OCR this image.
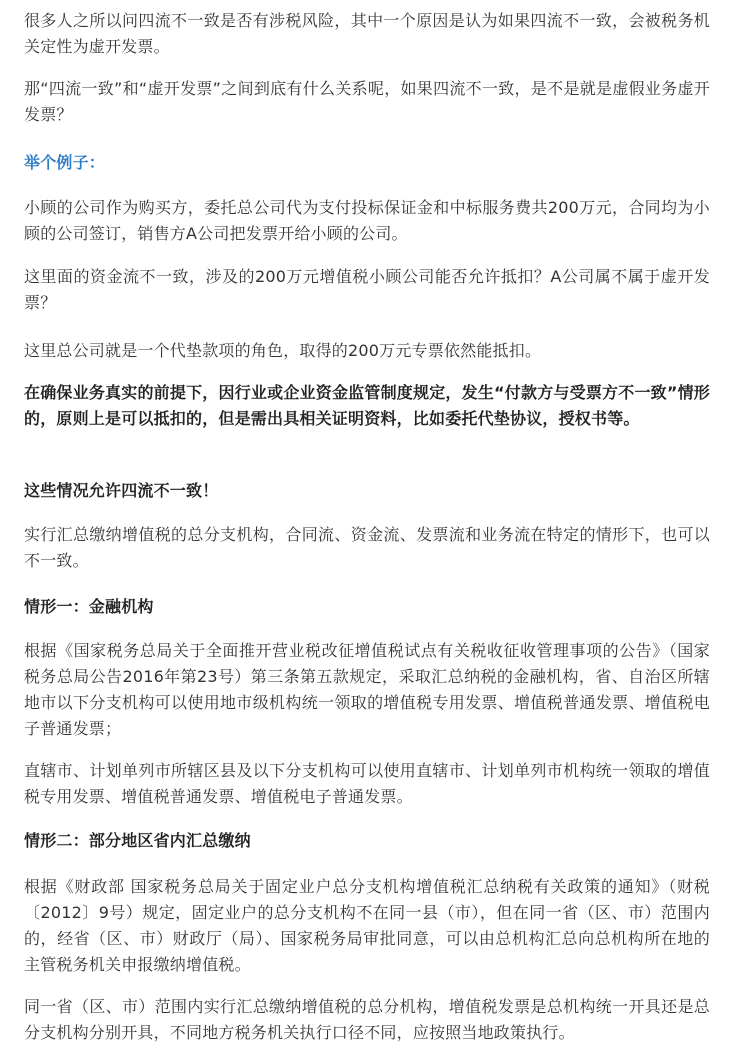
很多人之所以问四流不一致是否有涉税风险，其中一个原因是认为如果四流不一致，会被税务机关定性为虚开发票。

那“四流一致”和“虚开发票”之间到底有什么关系呢，如果四流不一致，是不是就是虚假业务虚开发票？

举个例子：

小顾的公司作为购买方，委托总公司代为支付投标保证金和中标服务费共200万元，合同均为小顾的公司签订，销售方A公司把发票开给小顾的公司。

这里面的资金流不一致，涉及的200万元增值税小顾公司能否允许抵扣？A公司属不属于虚开发票？

这里总公司就是一个代垫款项的角色，取得的200万元专票依然能抵扣。

在确保业务真实的前提下，因行业或企业资金监管制度规定，发生“付款方与受票方不一致”情形的，原则上是可以抵扣的，但是需出具相关证明资料，比如委托代垫协议，授权书等。

这些情况允许四流不一致！

实行汇总缴纳增值税的总分支机构，合同流、资金流、发票流和业务流在特定的情形下，也可以不一致。

情形一：金融机构

根据《国家税务总局关于全面推开营业税改征增值税试点有关税收征收管理事项的公告》（国家税务总局公告2016年第23号）第三条第五款规定，采取汇总纳税的金融机构，省、自治区所辖地市以下分支机构可以使用地市级机构统一领取的增值税专用发票、增值税普通发票、增值税电子普通发票；

直辖市、计划单列市所辖区县及以下分支机构可以使用直辖市、计划单列市机构统一领取的增值税专用发票、增值税普通发票、增值税电子普通发票。

情形二：部分地区省内汇总缴纳

根据《财政部 国家税务总局关于固定业户总分支机构增值税汇总纳税有关政策的通知》（财税〔2012〕9号）规定，固定业户的总分支机构不在同一县（市），但在同一省（区、市）范围内的，经省（区、市）财政厅（局）、国家税务局审批同意，可以由总机构汇总向总机构所在地的主管税务机关申报缴纳增值税。

同一省（区、市）范围内实行汇总缴纳增值税的总分机构，增值税发票是总机构统一开具还是总分支机构分别开具，不同地方税务机关执行口径不同，应按照当地政策执行。
